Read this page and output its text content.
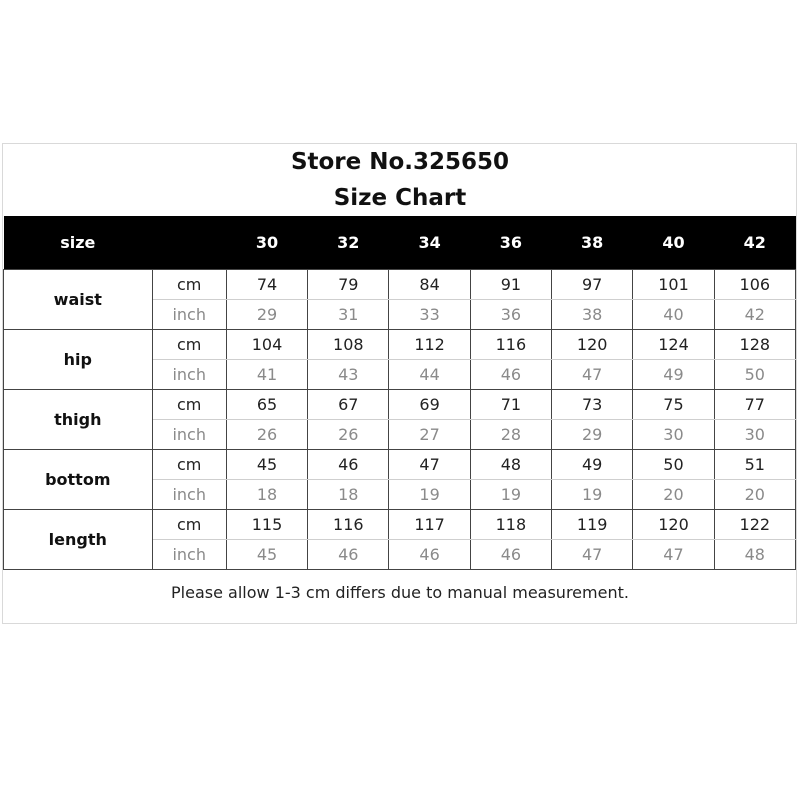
Store No.325650
Size Chart
size		30	32	34	36	38	40	42
waist	cm	74	79	84	91	97	101	106
	inch	29	31	33	36	38	40	42
hip	cm	104	108	112	116	120	124	128
	inch	41	43	44	46	47	49	50
thigh	cm	65	67	69	71	73	75	77
	inch	26	26	27	28	29	30	30
bottom	cm	45	46	47	48	49	50	51
	inch	18	18	19	19	19	20	20
length	cm	115	116	117	118	119	120	122
	inch	45	46	46	46	47	47	48
Please allow 1-3 cm differs due to manual measurement.
